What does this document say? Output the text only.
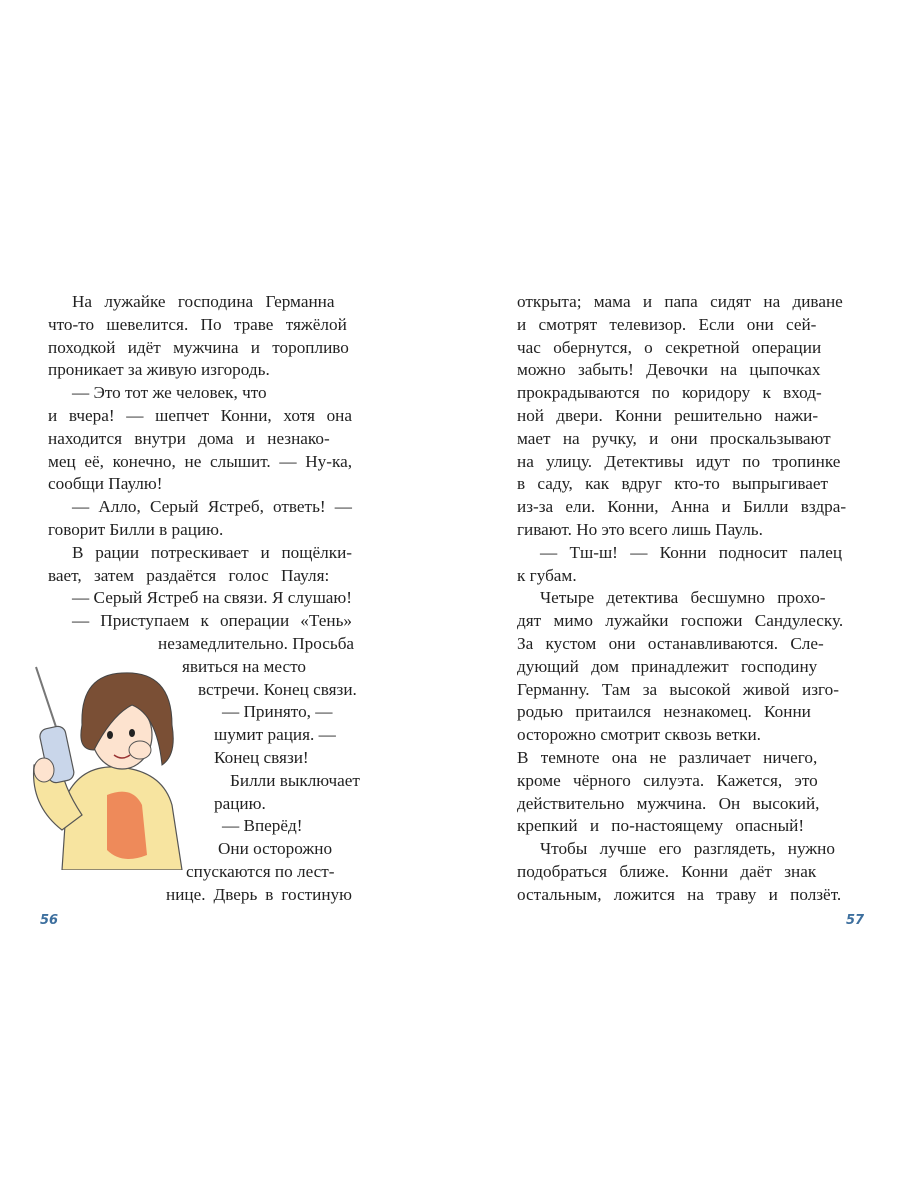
На лужайке господина Германна
что-то шевелится. По траве тяжёлой
походкой идёт мужчина и торопливо
проникает за живую изгородь.
— Это тот же человек, что
и вчера! — шепчет Конни, хотя она
находится внутри дома и незнако-
мец её, конечно, не слышит. — Ну-ка,
сообщи Паулю!
— Алло, Серый Ястреб, ответь! —
говорит Билли в рацию.
В рации потрескивает и пощёлки-
вает, затем раздаётся голос Пауля:
— Серый Ястреб на связи. Я слушаю!
— Приступаем к операции «Тень»
незамедлительно. Просьба
явиться на место
встречи. Конец связи.
— Принято, —
шумит рация. —
Конец связи!
Билли выключает
рацию.
— Вперёд!
Они осторожно
спускаются по лест-
нице. Дверь в гостиную
56
открыта; мама и папа сидят на диване
и смотрят телевизор. Если они сей-
час обернутся, о секретной операции
можно забыть! Девочки на цыпочках
прокрадываются по коридору к вход-
ной двери. Конни решительно нажи-
мает на ручку, и они проскальзывают
на улицу. Детективы идут по тропинке
в саду, как вдруг кто-то выпрыгивает
из-за ели. Конни, Анна и Билли вздра-
гивают. Но это всего лишь Пауль.
— Тш-ш! — Конни подносит палец
к губам.
Четыре детектива бесшумно прохо-
дят мимо лужайки госпожи Сандулеску.
За кустом они останавливаются. Сле-
дующий дом принадлежит господину
Германну. Там за высокой живой изго-
родью притаился незнакомец. Конни
осторожно смотрит сквозь ветки.
В темноте она не различает ничего,
кроме чёрного силуэта. Кажется, это
действительно мужчина. Он высокий,
крепкий и по-настоящему опасный!
Чтобы лучше его разглядеть, нужно
подобраться ближе. Конни даёт знак
остальным, ложится на траву и ползёт.
57
